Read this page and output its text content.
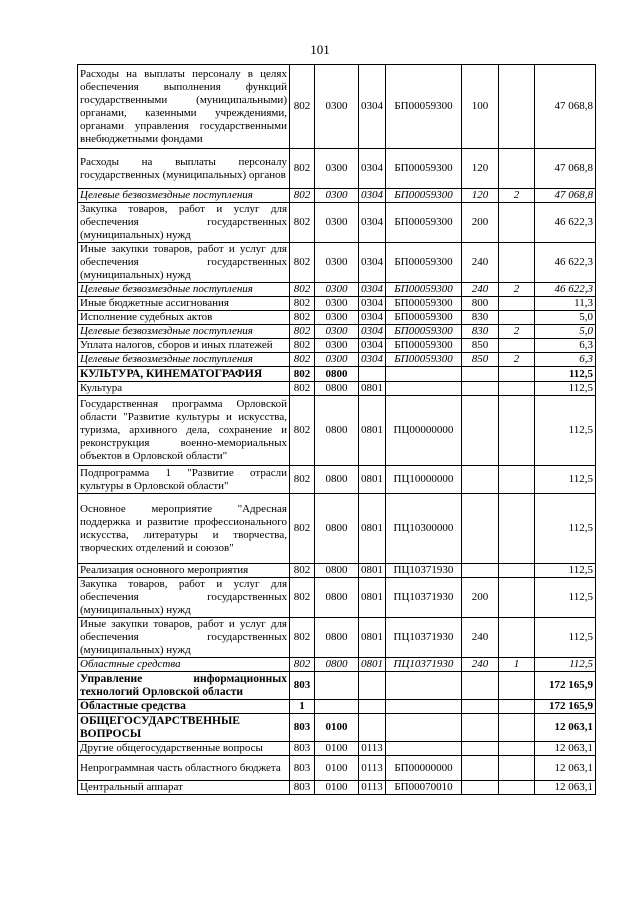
101
Расходы на выплаты персоналу в целях обеспечения выполнения функций государственными (муниципальными) органами, казенными учреждениями, органами управления государственными внебюджетными фондами	802	0300	0304	БП00059300	100		47 068,8
Расходы на выплаты персоналу государственных (муниципальных) органов	802	0300	0304	БП00059300	120		47 068,8
Целевые безвозмездные поступления	802	0300	0304	БП00059300	120	2	47 068,8
Закупка товаров, работ и услуг для обеспечения государственных (муниципальных) нужд	802	0300	0304	БП00059300	200		46 622,3
Иные закупки товаров, работ и услуг для обеспечения государственных (муниципальных) нужд	802	0300	0304	БП00059300	240		46 622,3
Целевые безвозмездные поступления	802	0300	0304	БП00059300	240	2	46 622,3
Иные бюджетные ассигнования	802	0300	0304	БП00059300	800		11,3
Исполнение судебных актов	802	0300	0304	БП00059300	830		5,0
Целевые безвозмездные поступления	802	0300	0304	БП00059300	830	2	5,0
Уплата налогов, сборов и иных платежей	802	0300	0304	БП00059300	850		6,3
Целевые безвозмездные поступления	802	0300	0304	БП00059300	850	2	6,3
КУЛЬТУРА, КИНЕМАТОГРАФИЯ	802	0800					112,5
Культура	802	0800	0801				112,5
Государственная программа Орловской области "Развитие культуры и искусства, туризма, архивного дела, сохранение и реконструкция военно-мемориальных объектов в Орловской области"	802	0800	0801	ПЦ00000000			112,5
Подпрограмма 1 "Развитие отрасли культуры в Орловской области"	802	0800	0801	ПЦ10000000			112,5
Основное мероприятие "Адресная поддержка и развитие профессионального искусства, литературы и творчества, творческих отделений и союзов"	802	0800	0801	ПЦ10300000			112,5
Реализация основного мероприятия	802	0800	0801	ПЦ10371930			112,5
Закупка товаров, работ и услуг для обеспечения государственных (муниципальных) нужд	802	0800	0801	ПЦ10371930	200		112,5
Иные закупки товаров, работ и услуг для обеспечения государственных (муниципальных) нужд	802	0800	0801	ПЦ10371930	240		112,5
Областные средства	802	0800	0801	ПЦ10371930	240	1	112,5
Управление информационных технологий Орловской области	803						172 165,9
Областные средства	1						172 165,9
ОБЩЕГОСУДАРСТВЕННЫЕ ВОПРОСЫ	803	0100					12 063,1
Другие общегосударственные вопросы	803	0100	0113				12 063,1
Непрограммная часть областного бюджета	803	0100	0113	БП00000000			12 063,1
Центральный аппарат	803	0100	0113	БП00070010			12 063,1
